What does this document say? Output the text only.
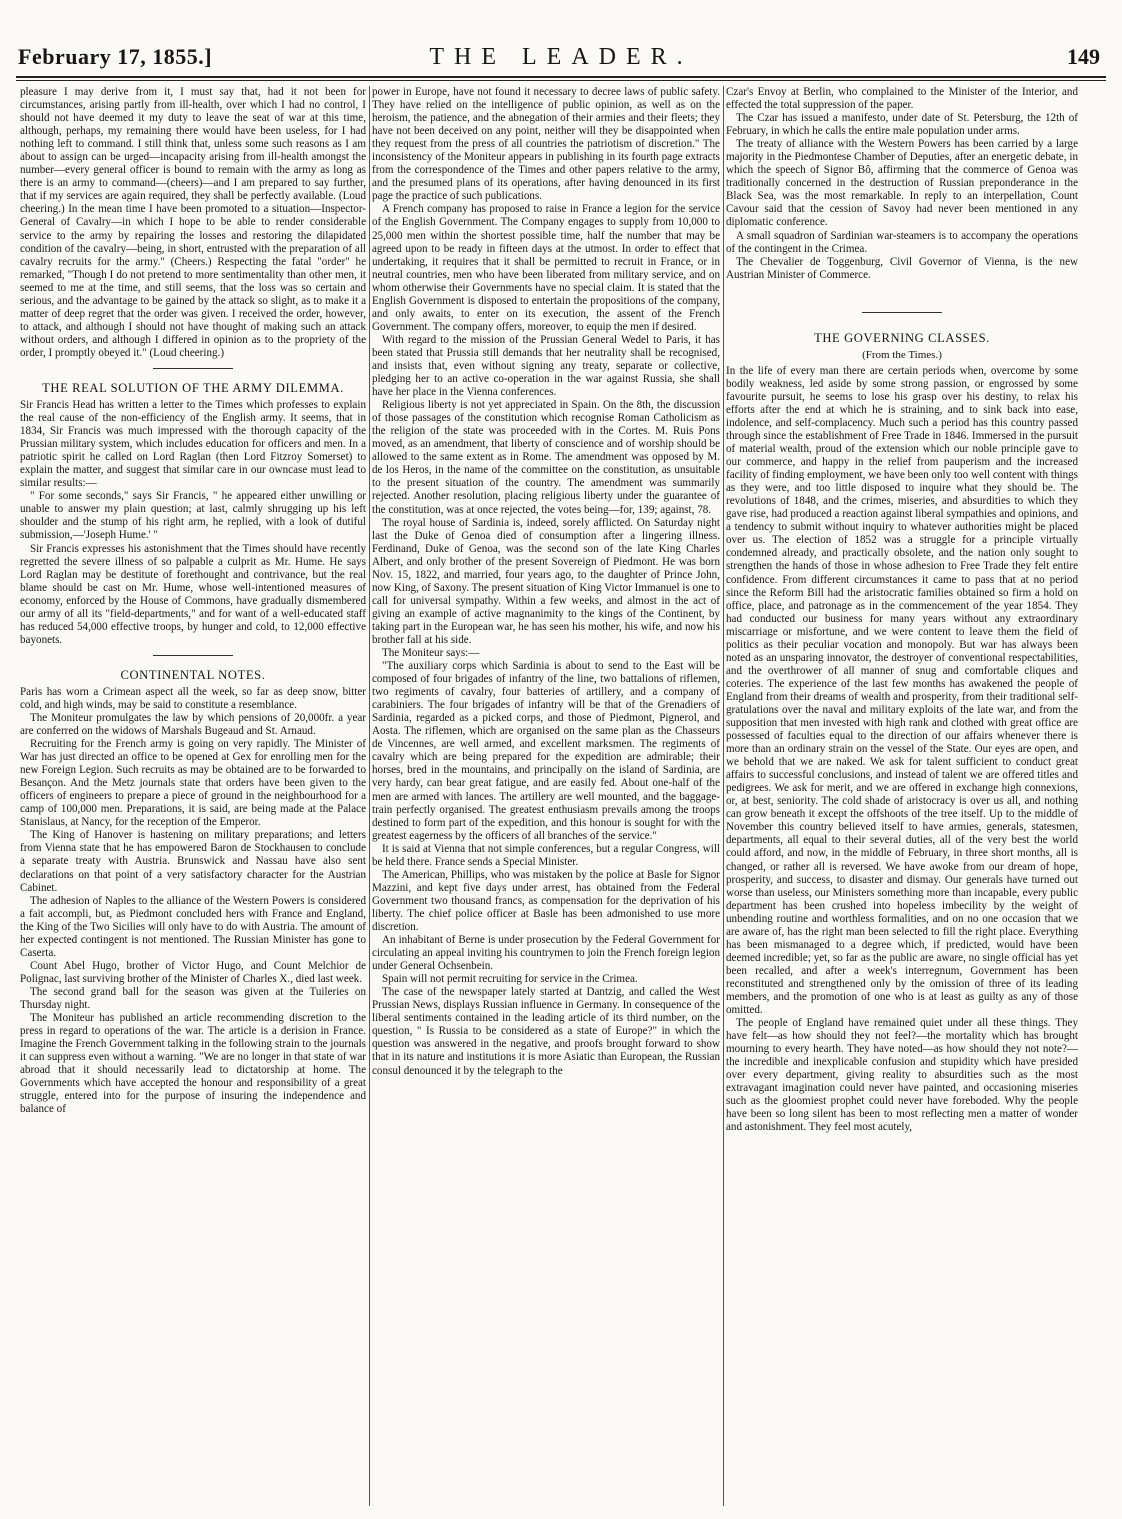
February 17, 1855.]	THE LEADER.	149

pleasure I may derive from it, I must say that, had it not been for circumstances, arising partly from ill-health, over which I had no control, I should not have deemed it my duty to leave the seat of war at this time, although, perhaps, my remaining there would have been useless, for I had nothing left to command. I still think that, unless some such reasons as I am about to assign can be urged—incapacity arising from ill-health amongst the number—every general officer is bound to remain with the army as long as there is an army to command—(cheers)—and I am prepared to say further, that if my services are again required, they shall be perfectly available. (Loud cheering.) In the mean time I have been promoted to a situation—Inspector-General of Cavalry—in which I hope to be able to render considerable service to the army by repairing the losses and restoring the dilapidated condition of the cavalry—being, in short, entrusted with the preparation of all cavalry recruits for the army." (Cheers.) Respecting the fatal "order" he remarked, "Though I do not pretend to more sentimentality than other men, it seemed to me at the time, and still seems, that the loss was so certain and serious, and the advantage to be gained by the attack so slight, as to make it a matter of deep regret that the order was given. I received the order, however, to attack, and although I should not have thought of making such an attack without orders, and although I differed in opinion as to the propriety of the order, I promptly obeyed it." (Loud cheering.)

THE REAL SOLUTION OF THE ARMY DILEMMA.

Sir Francis Head has written a letter to the Times which professes to explain the real cause of the non-efficiency of the English army. It seems, that in 1834, Sir Francis was much impressed with the thorough capacity of the Prussian military system, which includes education for officers and men. In a patriotic spirit he called on Lord Raglan (then Lord Fitzroy Somerset) to explain the matter, and suggest that similar care in our owncase must lead to similar results:—

" For some seconds," says Sir Francis, " he appeared either unwilling or unable to answer my plain question; at last, calmly shrugging up his left shoulder and the stump of his right arm, he replied, with a look of dutiful submission,—'Joseph Hume.' "

Sir Francis expresses his astonishment that the Times should have recently regretted the severe illness of so palpable a culprit as Mr. Hume. He says Lord Raglan may be destitute of forethought and contrivance, but the real blame should be cast on Mr. Hume, whose well-intentioned measures of economy, enforced by the House of Commons, have gradually dismembered our army of all its "field-departments," and for want of a well-educated staff has reduced 54,000 effective troops, by hunger and cold, to 12,000 effective bayonets.

CONTINENTAL NOTES.

Paris has worn a Crimean aspect all the week, so far as deep snow, bitter cold, and high winds, may be said to constitute a resemblance.

The Moniteur promulgates the law by which pensions of 20,000fr. a year are conferred on the widows of Marshals Bugeaud and St. Arnaud.

Recruiting for the French army is going on very rapidly. The Minister of War has just directed an office to be opened at Gex for enrolling men for the new Foreign Legion. Such recruits as may be obtained are to be forwarded to Besançon. And the Metz journals state that orders have been given to the officers of engineers to prepare a piece of ground in the neighbourhood for a camp of 100,000 men. Preparations, it is said, are being made at the Palace Stanislaus, at Nancy, for the reception of the Emperor.

The King of Hanover is hastening on military preparations; and letters from Vienna state that he has empowered Baron de Stockhausen to conclude a separate treaty with Austria. Brunswick and Nassau have also sent declarations on that point of a very satisfactory character for the Austrian Cabinet.

The adhesion of Naples to the alliance of the Western Powers is considered a fait accompli, but, as Piedmont concluded hers with France and England, the King of the Two Sicilies will only have to do with Austria. The amount of her expected contingent is not mentioned. The Russian Minister has gone to Caserta.

Count Abel Hugo, brother of Victor Hugo, and Count Melchior de Polignac, last surviving brother of the Minister of Charles X., died last week.

The second grand ball for the season was given at the Tuileries on Thursday night.

The Moniteur has published an article recommending discretion to the press in regard to operations of the war. The article is a derision in France. Imagine the French Government talking in the following strain to the journals it can suppress even without a warning. "We are no longer in that state of war abroad that it should necessarily lead to dictatorship at home. The Governments which have accepted the honour and responsibility of a great struggle, entered into for the purpose of insuring the independence and balance of

power in Europe, have not found it necessary to decree laws of public safety. They have relied on the intelligence of public opinion, as well as on the heroism, the patience, and the abnegation of their armies and their fleets; they have not been deceived on any point, neither will they be disappointed when they request from the press of all countries the patriotism of discretion." The inconsistency of the Moniteur appears in publishing in its fourth page extracts from the correspondence of the Times and other papers relative to the army, and the presumed plans of its operations, after having denounced in its first page the practice of such publications.

A French company has proposed to raise in France a legion for the service of the English Government. The Company engages to supply from 10,000 to 25,000 men within the shortest possible time, half the number that may be agreed upon to be ready in fifteen days at the utmost. In order to effect that undertaking, it requires that it shall be permitted to recruit in France, or in neutral countries, men who have been liberated from military service, and on whom otherwise their Governments have no special claim. It is stated that the English Government is disposed to entertain the propositions of the company, and only awaits, to enter on its execution, the assent of the French Government. The company offers, moreover, to equip the men if desired.

With regard to the mission of the Prussian General Wedel to Paris, it has been stated that Prussia still demands that her neutrality shall be recognised, and insists that, even without signing any treaty, separate or collective, pledging her to an active co-operation in the war against Russia, she shall have her place in the Vienna conferences.

Religious liberty is not yet appreciated in Spain. On the 8th, the discussion of those passages of the constitution which recognise Roman Catholicism as the religion of the state was proceeded with in the Cortes. M. Ruis Pons moved, as an amendment, that liberty of conscience and of worship should be allowed to the same extent as in Rome. The amendment was opposed by M. de los Heros, in the name of the committee on the constitution, as unsuitable to the present situation of the country. The amendment was summarily rejected. Another resolution, placing religious liberty under the guarantee of the constitution, was at once rejected, the votes being—for, 139; against, 78.

The royal house of Sardinia is, indeed, sorely afflicted. On Saturday night last the Duke of Genoa died of consumption after a lingering illness. Ferdinand, Duke of Genoa, was the second son of the late King Charles Albert, and only brother of the present Sovereign of Piedmont. He was born Nov. 15, 1822, and married, four years ago, to the daughter of Prince John, now King, of Saxony. The present situation of King Victor Immanuel is one to call for universal sympathy. Within a few weeks, and almost in the act of giving an example of active magnanimity to the kings of the Continent, by taking part in the European war, he has seen his mother, his wife, and now his brother fall at his side.

The Moniteur says:—

"The auxiliary corps which Sardinia is about to send to the East will be composed of four brigades of infantry of the line, two battalions of riflemen, two regiments of cavalry, four batteries of artillery, and a company of carabiniers. The four brigades of infantry will be that of the Grenadiers of Sardinia, regarded as a picked corps, and those of Piedmont, Pignerol, and Aosta. The riflemen, which are organised on the same plan as the Chasseurs de Vincennes, are well armed, and excellent marksmen. The regiments of cavalry which are being prepared for the expedition are admirable; their horses, bred in the mountains, and principally on the island of Sardinia, are very hardy, can bear great fatigue, and are easily fed. About one-half of the men are armed with lances. The artillery are well mounted, and the baggage-train perfectly organised. The greatest enthusiasm prevails among the troops destined to form part of the expedition, and this honour is sought for with the greatest eagerness by the officers of all branches of the service."

It is said at Vienna that not simple conferences, but a regular Congress, will be held there. France sends a Special Minister.

The American, Phillips, who was mistaken by the police at Basle for Signor Mazzini, and kept five days under arrest, has obtained from the Federal Government two thousand francs, as compensation for the deprivation of his liberty. The chief police officer at Basle has been admonished to use more discretion.

An inhabitant of Berne is under prosecution by the Federal Government for circulating an appeal inviting his countrymen to join the French foreign legion under General Ochsenbein.

Spain will not permit recruiting for service in the Crimea.

The case of the newspaper lately started at Dantzig, and called the West Prussian News, displays Russian influence in Germany. In consequence of the liberal sentiments contained in the leading article of its third number, on the question, " Is Russia to be considered as a state of Europe?" in which the question was answered in the negative, and proofs brought forward to show that in its nature and institutions it is more Asiatic than European, the Russian consul denounced it by the telegraph to the

Czar's Envoy at Berlin, who complained to the Minister of the Interior, and effected the total suppression of the paper.

The Czar has issued a manifesto, under date of St. Petersburg, the 12th of February, in which he calls the entire male population under arms.

The treaty of alliance with the Western Powers has been carried by a large majority in the Piedmontese Chamber of Deputies, after an energetic debate, in which the speech of Signor Bô, affirming that the commerce of Genoa was traditionally concerned in the destruction of Russian preponderance in the Black Sea, was the most remarkable. In reply to an interpellation, Count Cavour said that the cession of Savoy had never been mentioned in any diplomatic conference.

A small squadron of Sardinian war-steamers is to accompany the operations of the contingent in the Crimea.

The Chevalier de Toggenburg, Civil Governor of Vienna, is the new Austrian Minister of Commerce.

THE GOVERNING CLASSES.
(From the Times.)

In the life of every man there are certain periods when, overcome by some bodily weakness, led aside by some strong passion, or engrossed by some favourite pursuit, he seems to lose his grasp over his destiny, to relax his efforts after the end at which he is straining, and to sink back into ease, indolence, and self-complacency. Much such a period has this country passed through since the establishment of Free Trade in 1846. Immersed in the pursuit of material wealth, proud of the extension which our noble principle gave to our commerce, and happy in the relief from pauperism and the increased facility of finding employment, we have been only too well content with things as they were, and too little disposed to inquire what they should be. The revolutions of 1848, and the crimes, miseries, and absurdities to which they gave rise, had produced a reaction against liberal sympathies and opinions, and a tendency to submit without inquiry to whatever authorities might be placed over us. The election of 1852 was a struggle for a principle virtually condemned already, and practically obsolete, and the nation only sought to strengthen the hands of those in whose adhesion to Free Trade they felt entire confidence. From different circumstances it came to pass that at no period since the Reform Bill had the aristocratic families obtained so firm a hold on office, place, and patronage as in the commencement of the year 1854. They had conducted our business for many years without any extraordinary miscarriage or misfortune, and we were content to leave them the field of politics as their peculiar vocation and monopoly. But war has always been noted as an unsparing innovator, the destroyer of conventional respectabilities, and the overthrower of all manner of snug and comfortable cliques and coteries. The experience of the last few months has awakened the people of England from their dreams of wealth and prosperity, from their traditional self-gratulations over the naval and military exploits of the late war, and from the supposition that men invested with high rank and clothed with great office are possessed of faculties equal to the direction of our affairs whenever there is more than an ordinary strain on the vessel of the State. Our eyes are open, and we behold that we are naked. We ask for talent sufficient to conduct great affairs to successful conclusions, and instead of talent we are offered titles and pedigrees. We ask for merit, and we are offered in exchange high connexions, or, at best, seniority. The cold shade of aristocracy is over us all, and nothing can grow beneath it except the offshoots of the tree itself. Up to the middle of November this country believed itself to have armies, generals, statesmen, departments, all equal to their several duties, all of the very best the world could afford, and now, in the middle of February, in three short months, all is changed, or rather all is reversed. We have awoke from our dream of hope, prosperity, and success, to disaster and dismay. Our generals have turned out worse than useless, our Ministers something more than incapable, every public department has been crushed into hopeless imbecility by the weight of unbending routine and worthless formalities, and on no one occasion that we are aware of, has the right man been selected to fill the right place. Everything has been mismanaged to a degree which, if predicted, would have been deemed incredible; yet, so far as the public are aware, no single official has yet been recalled, and after a week's interregnum, Government has been reconstituted and strengthened only by the omission of three of its leading members, and the promotion of one who is at least as guilty as any of those omitted.

The people of England have remained quiet under all these things. They have felt—as how should they not feel?—the mortality which has brought mourning to every hearth. They have noted—as how should they not note?—the incredible and inexplicable confusion and stupidity which have presided over every department, giving reality to absurdities such as the most extravagant imagination could never have painted, and occasioning miseries such as the gloomiest prophet could never have foreboded. Why the people have been so long silent has been to most reflecting men a matter of wonder and astonishment. They feel most acutely,
